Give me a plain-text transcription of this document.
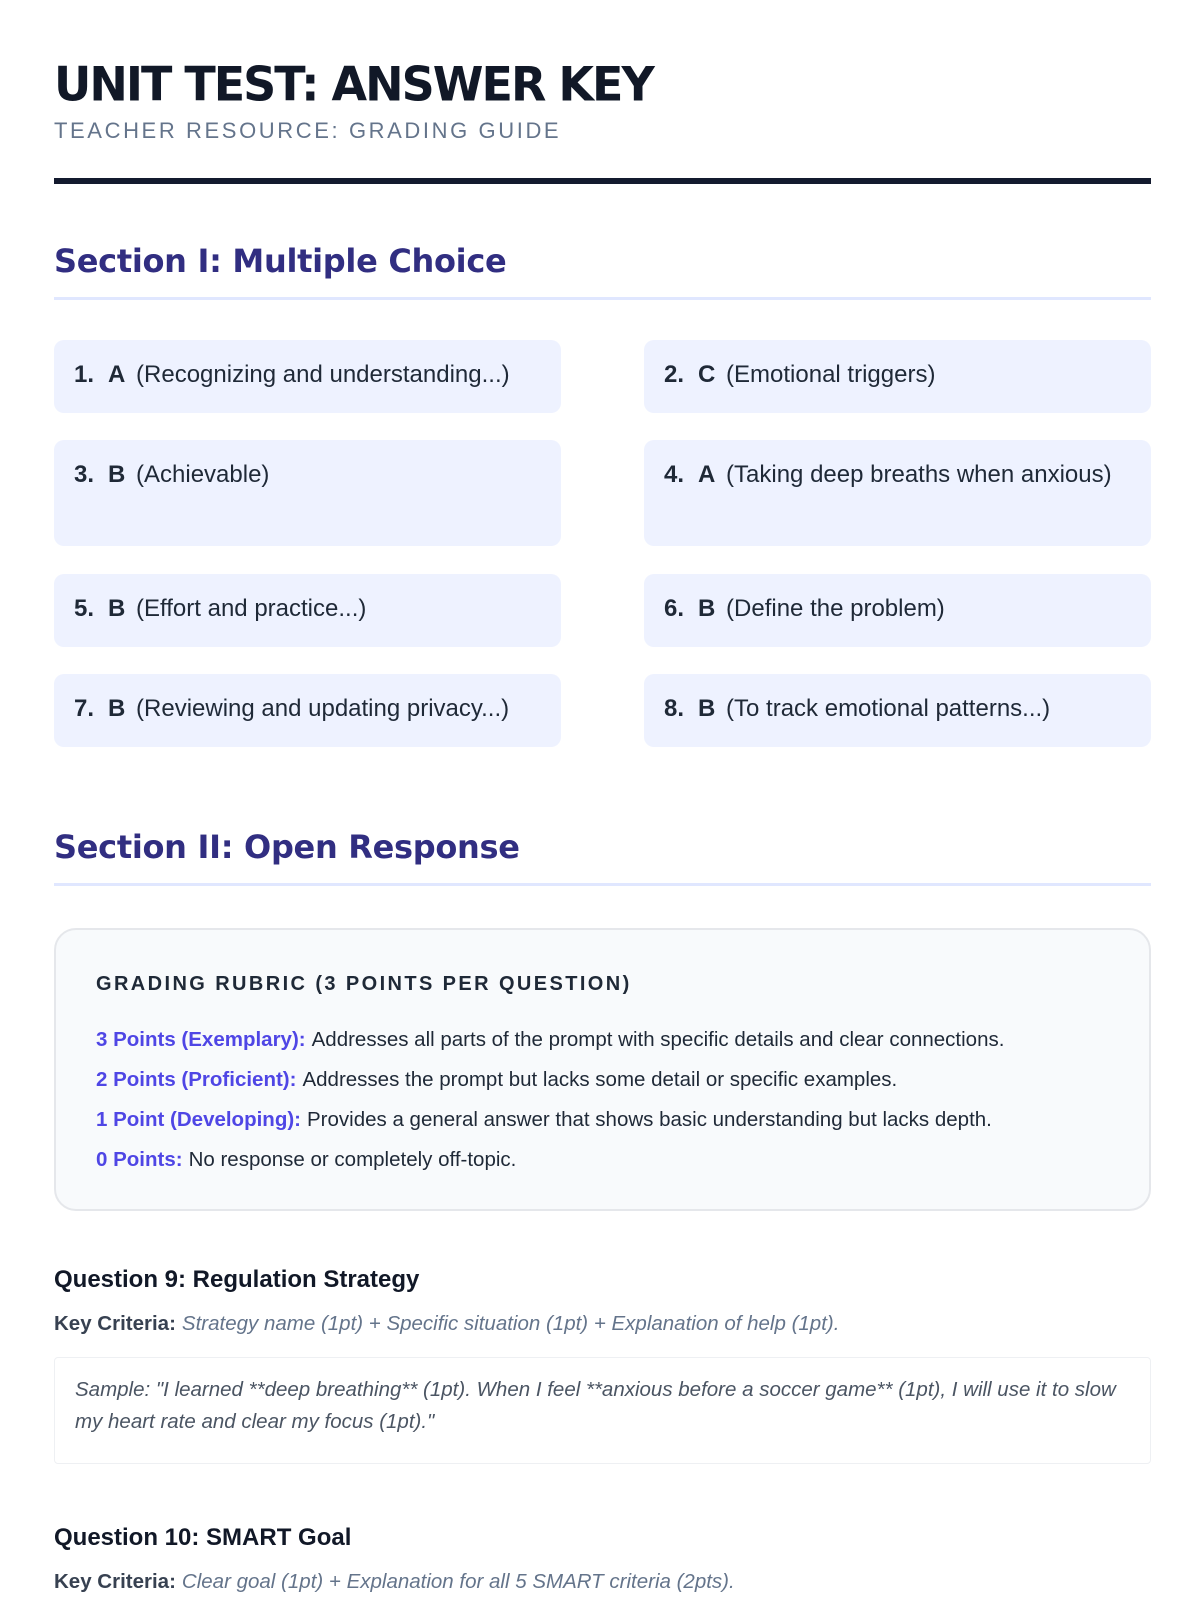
UNIT TEST: ANSWER KEY
TEACHER RESOURCE: GRADING GUIDE
Section I: Multiple Choice
1. A (Recognizing and understanding...)	2. C (Emotional triggers)
3. B (Achievable)	4. A (Taking deep breaths when anxious)
5. B (Effort and practice...)	6. B (Define the problem)
7. B (Reviewing and updating privacy...)	8. B (To track emotional patterns...)
Section II: Open Response
GRADING RUBRIC (3 POINTS PER QUESTION)
3 Points (Exemplary): Addresses all parts of the prompt with specific details and clear connections.
2 Points (Proficient): Addresses the prompt but lacks some detail or specific examples.
1 Point (Developing): Provides a general answer that shows basic understanding but lacks depth.
0 Points: No response or completely off-topic.
Question 9: Regulation Strategy
Key Criteria: Strategy name (1pt) + Specific situation (1pt) + Explanation of help (1pt).
Sample: "I learned **deep breathing** (1pt). When I feel **anxious before a soccer game** (1pt), I will use it to slow my heart rate and clear my focus (1pt)."
Question 10: SMART Goal
Key Criteria: Clear goal (1pt) + Explanation for all 5 SMART criteria (2pts).
